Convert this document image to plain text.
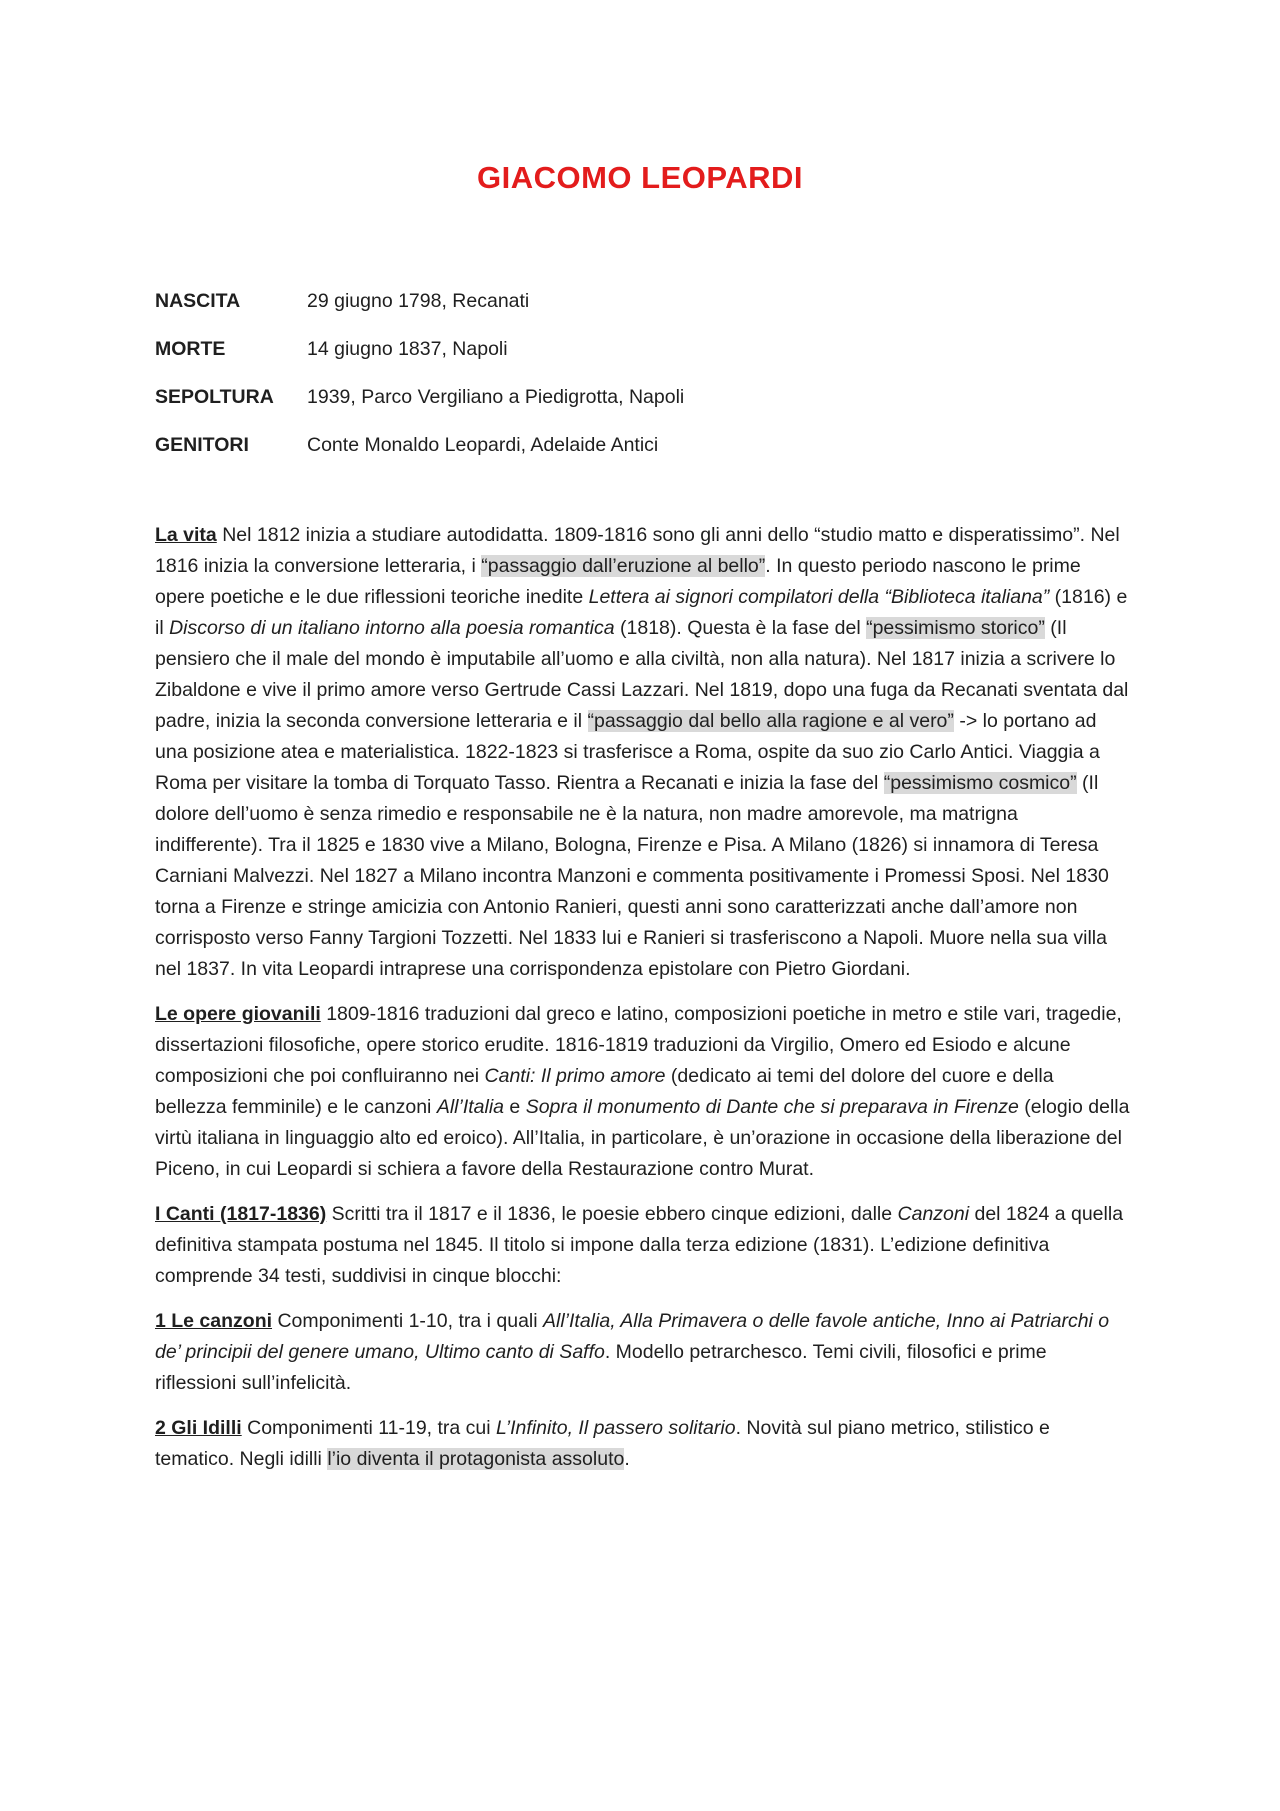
GIACOMO LEOPARDI
NASCITA	29 giugno 1798, Recanati
MORTE	14 giugno 1837, Napoli
SEPOLTURA	1939, Parco Vergiliano a Piedigrotta, Napoli
GENITORI	Conte Monaldo Leopardi, Adelaide Antici

La vita Nel 1812 inizia a studiare autodidatta. 1809-1816 sono gli anni dello “studio matto e disperatissimo”. Nel 1816 inizia la conversione letteraria, i “passaggio dall’eruzione al bello”. In questo periodo nascono le prime opere poetiche e le due riflessioni teoriche inedite Lettera ai signori compilatori della “Biblioteca italiana” (1816) e il Discorso di un italiano intorno alla poesia romantica (1818). Questa è la fase del “pessimismo storico” (Il pensiero che il male del mondo è imputabile all’uomo e alla civiltà, non alla natura). Nel 1817 inizia a scrivere lo Zibaldone e vive il primo amore verso Gertrude Cassi Lazzari. Nel 1819, dopo una fuga da Recanati sventata dal padre, inizia la seconda conversione letteraria e il “passaggio dal bello alla ragione e al vero” -> lo portano ad una posizione atea e materialistica. 1822-1823 si trasferisce a Roma, ospite da suo zio Carlo Antici. Viaggia a Roma per visitare la tomba di Torquato Tasso. Rientra a Recanati e inizia la fase del “pessimismo cosmico” (Il dolore dell’uomo è senza rimedio e responsabile ne è la natura, non madre amorevole, ma matrigna indifferente). Tra il 1825 e 1830 vive a Milano, Bologna, Firenze e Pisa. A Milano (1826) si innamora di Teresa Carniani Malvezzi. Nel 1827 a Milano incontra Manzoni e commenta positivamente i Promessi Sposi. Nel 1830 torna a Firenze e stringe amicizia con Antonio Ranieri, questi anni sono caratterizzati anche dall’amore non corrisposto verso Fanny Targioni Tozzetti. Nel 1833 lui e Ranieri si trasferiscono a Napoli. Muore nella sua villa nel 1837. In vita Leopardi intraprese una corrispondenza epistolare con Pietro Giordani.

Le opere giovanili 1809-1816 traduzioni dal greco e latino, composizioni poetiche in metro e stile vari, tragedie, dissertazioni filosofiche, opere storico erudite. 1816-1819 traduzioni da Virgilio, Omero ed Esiodo e alcune composizioni che poi confluiranno nei Canti: Il primo amore (dedicato ai temi del dolore del cuore e della bellezza femminile) e le canzoni All’Italia e Sopra il monumento di Dante che si preparava in Firenze (elogio della virtù italiana in linguaggio alto ed eroico). All’Italia, in particolare, è un’orazione in occasione della liberazione del Piceno, in cui Leopardi si schiera a favore della Restaurazione contro Murat.

I Canti (1817-1836) Scritti tra il 1817 e il 1836, le poesie ebbero cinque edizioni, dalle Canzoni del 1824 a quella definitiva stampata postuma nel 1845. Il titolo si impone dalla terza edizione (1831). L’edizione definitiva comprende 34 testi, suddivisi in cinque blocchi:

1 Le canzoni Componimenti 1-10, tra i quali All’Italia, Alla Primavera o delle favole antiche, Inno ai Patriarchi o de’ principii del genere umano, Ultimo canto di Saffo. Modello petrarchesco. Temi civili, filosofici e prime riflessioni sull’infelicità.

2 Gli Idilli Componimenti 11-19, tra cui L’Infinito, Il passero solitario. Novità sul piano metrico, stilistico e tematico. Negli idilli l’io diventa il protagonista assoluto.
